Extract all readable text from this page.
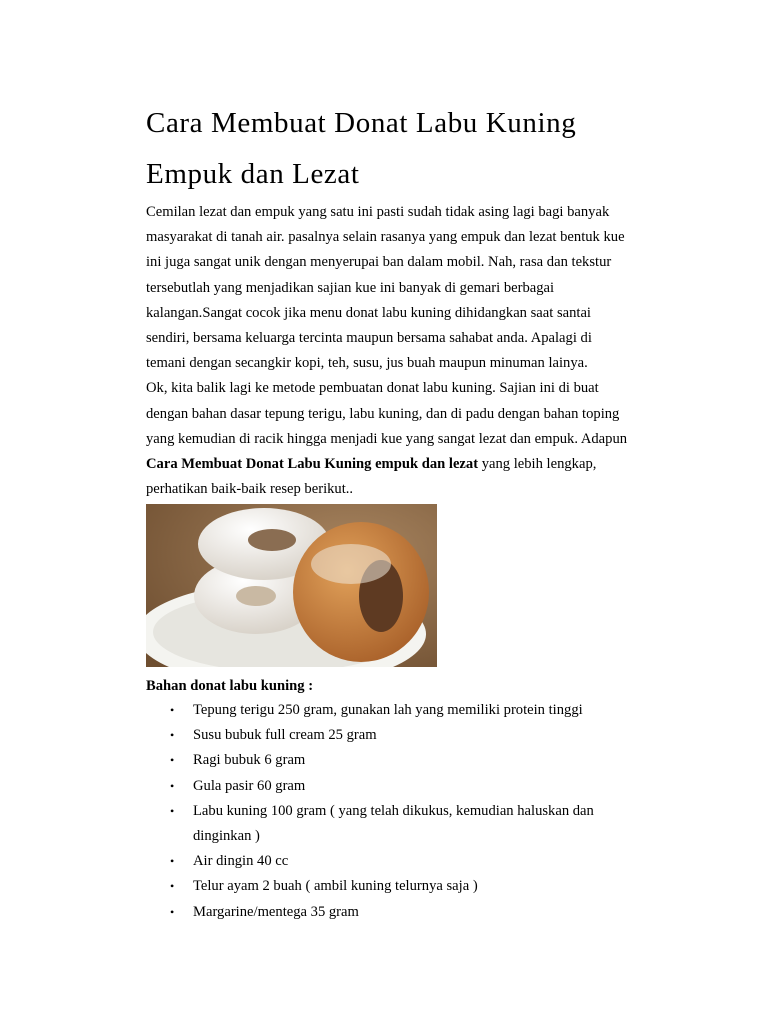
Cara Membuat Donat Labu Kuning
Empuk dan Lezat
Cemilan lezat dan empuk yang satu ini pasti sudah tidak asing lagi bagi banyak
masyarakat di tanah air. pasalnya selain rasanya yang empuk dan lezat bentuk kue
ini juga sangat unik dengan menyerupai ban dalam mobil. Nah, rasa dan tekstur
tersebutlah yang menjadikan sajian kue ini banyak di gemari berbagai
kalangan.Sangat cocok jika menu donat labu kuning dihidangkan saat santai
sendiri, bersama keluarga tercinta maupun bersama sahabat anda. Apalagi di
temani dengan secangkir kopi, teh, susu, jus buah maupun minuman lainya.
Ok, kita balik lagi ke metode pembuatan donat labu kuning. Sajian ini di buat
dengan bahan dasar tepung terigu, labu kuning, dan di padu dengan bahan toping
yang kemudian di racik hingga menjadi kue yang sangat lezat dan empuk. Adapun
Cara Membuat Donat Labu Kuning empuk dan lezat yang lebih lengkap,
perhatikan baik-baik resep berikut..
Bahan donat labu kuning :
• Tepung terigu 250 gram, gunakan lah yang memiliki protein tinggi
• Susu bubuk full cream 25 gram
• Ragi bubuk 6 gram
• Gula pasir 60 gram
• Labu kuning 100 gram ( yang telah dikukus, kemudian haluskan dan
dinginkan )
• Air dingin 40 cc
• Telur ayam 2 buah ( ambil kuning telurnya saja )
• Margarine/mentega 35 gram
